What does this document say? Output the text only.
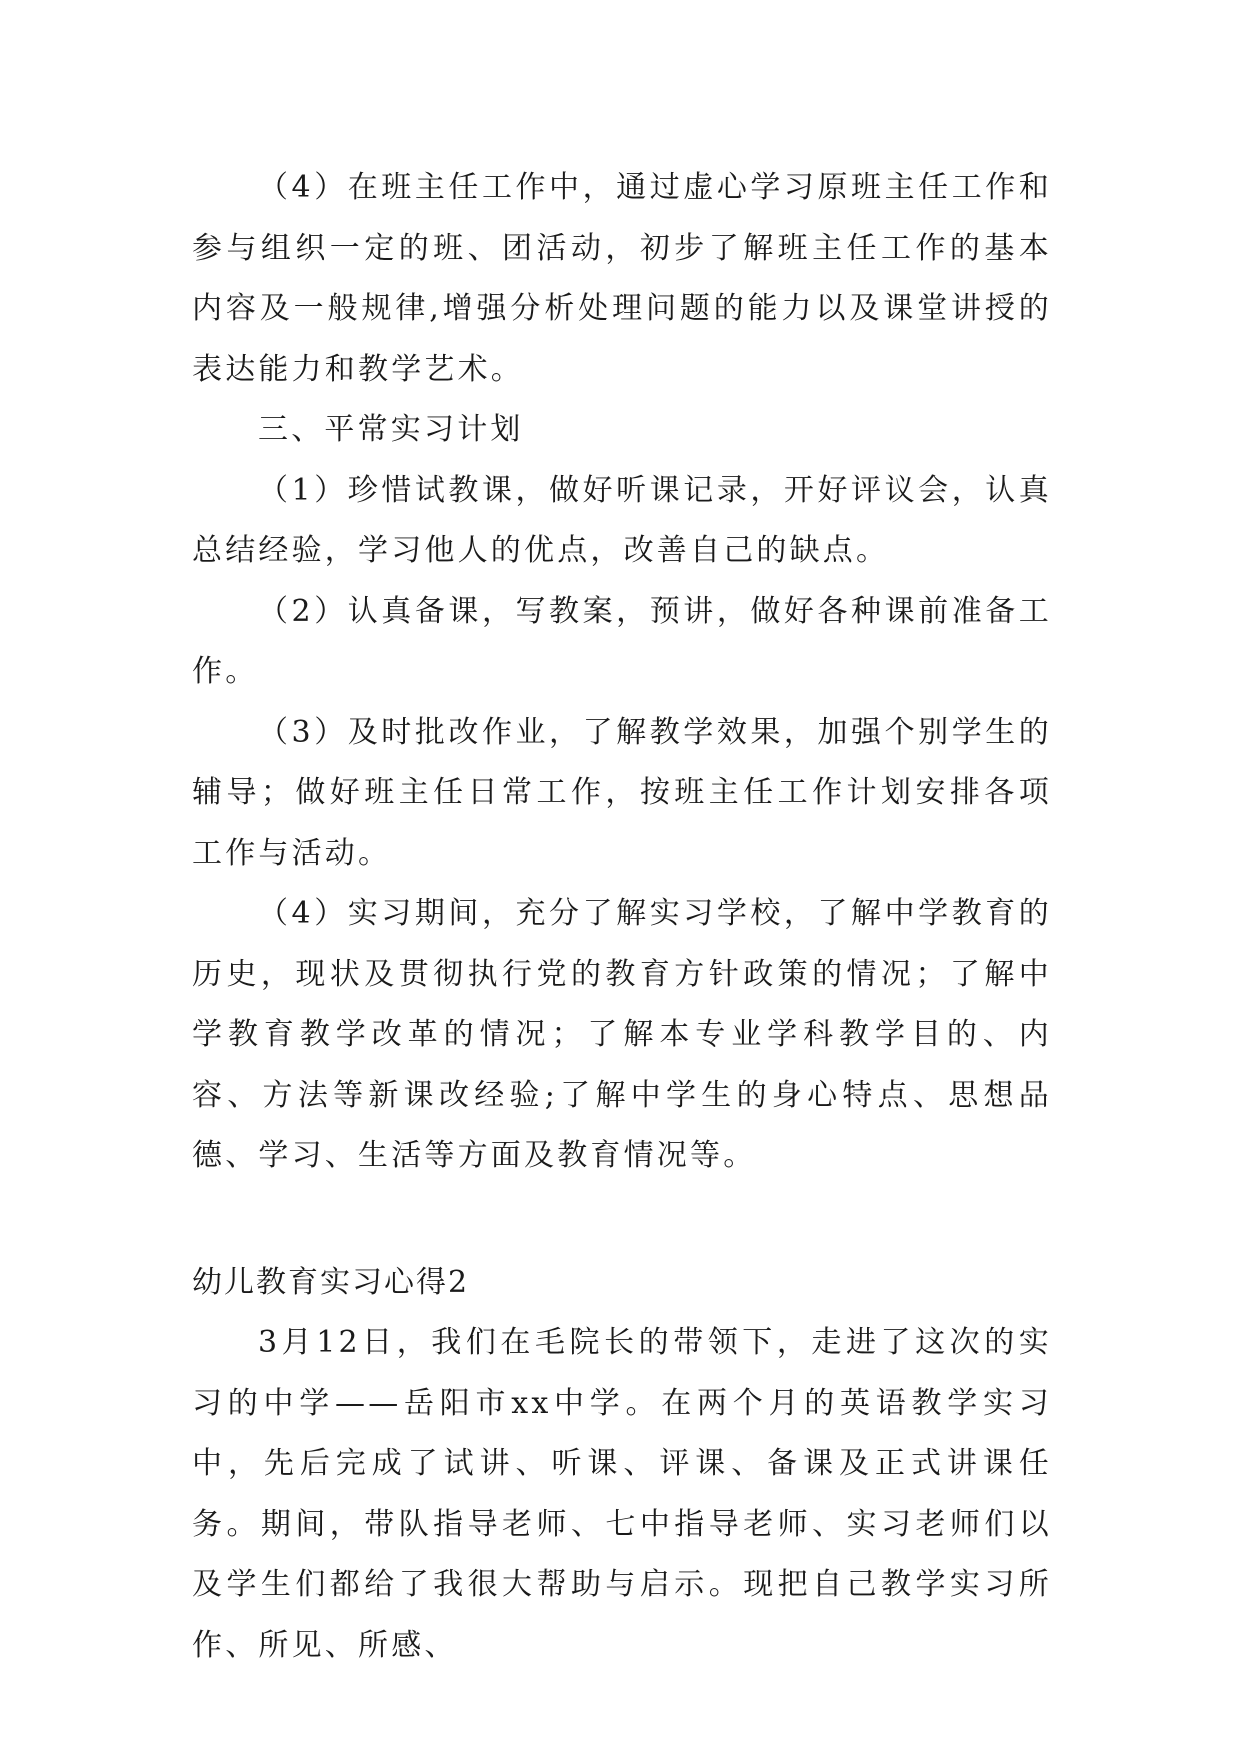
（4）在班主任工作中，通过虚心学习原班主任工作和参与组织一定的班、团活动，初步了解班主任工作的基本内容及一般规律,增强分析处理问题的能力以及课堂讲授的表达能力和教学艺术。

三、平常实习计划

（1）珍惜试教课，做好听课记录，开好评议会，认真总结经验，学习他人的优点，改善自己的缺点。

（2）认真备课，写教案，预讲，做好各种课前准备工作。

（3）及时批改作业，了解教学效果，加强个别学生的辅导；做好班主任日常工作，按班主任工作计划安排各项工作与活动。

（4）实习期间，充分了解实习学校，了解中学教育的历史，现状及贯彻执行党的教育方针政策的情况；了解中学教育教学改革的情况；了解本专业学科教学目的、内容、方法等新课改经验;了解中学生的身心特点、思想品德、学习、生活等方面及教育情况等。

幼儿教育实习心得2

3月12日，我们在毛院长的带领下，走进了这次的实习的中学——岳阳市xx中学。在两个月的英语教学实习中，先后完成了试讲、听课、评课、备课及正式讲课任务。期间，带队指导老师、七中指导老师、实习老师们以及学生们都给了我很大帮助与启示。现把自己教学实习所作、所见、所感、
